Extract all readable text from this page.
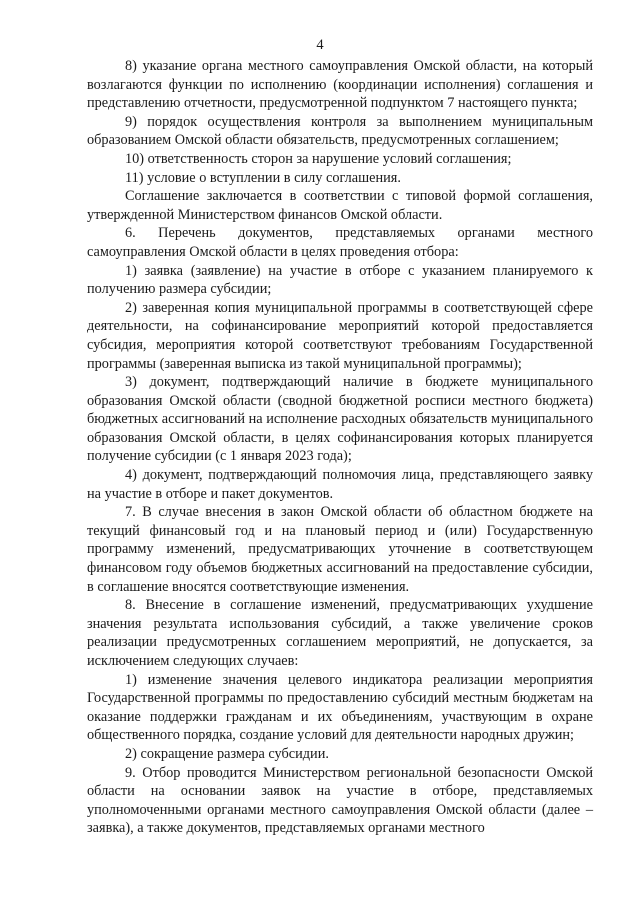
4

8) указание органа местного самоуправления Омской области, на который возлагаются функции по исполнению (координации исполнения) соглашения и представлению отчетности, предусмотренной подпунктом 7 настоящего пункта;

9) порядок осуществления контроля за выполнением муниципальным образованием Омской области обязательств, предусмотренных соглашением;

10) ответственность сторон за нарушение условий соглашения;

11) условие о вступлении в силу соглашения.

Соглашение заключается в соответствии с типовой формой соглашения, утвержденной Министерством финансов Омской области.

6. Перечень документов, представляемых органами местного самоуправления Омской области в целях проведения отбора:

1) заявка (заявление) на участие в отборе с указанием планируемого к получению размера субсидии;

2) заверенная копия муниципальной программы в соответствующей сфере деятельности, на софинансирование мероприятий которой предоставляется субсидия, мероприятия которой соответствуют требованиям Государственной программы (заверенная выписка из такой муниципальной программы);

3) документ, подтверждающий наличие в бюджете муниципального образования Омской области (сводной бюджетной росписи местного бюджета) бюджетных ассигнований на исполнение расходных обязательств муниципального образования Омской области, в целях софинансирования которых планируется получение субсидии (с 1 января 2023 года);

4) документ, подтверждающий полномочия лица, представляющего заявку на участие в отборе и пакет документов.

7. В случае внесения в закон Омской области об областном бюджете на текущий финансовый год и на плановый период и (или) Государственную программу изменений, предусматривающих уточнение в соответствующем финансовом году объемов бюджетных ассигнований на предоставление субсидии, в соглашение вносятся соответствующие изменения.

8. Внесение в соглашение изменений, предусматривающих ухудшение значения результата использования субсидий, а также увеличение сроков реализации предусмотренных соглашением мероприятий, не допускается, за исключением следующих случаев:

1) изменение значения целевого индикатора реализации мероприятия Государственной программы по предоставлению субсидий местным бюджетам на оказание поддержки гражданам и их объединениям, участвующим в охране общественного порядка, создание условий для деятельности народных дружин;

2) сокращение размера субсидии.

9. Отбор проводится Министерством региональной безопасности Омской области на основании заявок на участие в отборе, представляемых уполномоченными органами местного самоуправления Омской области (далее – заявка), а также документов, представляемых органами местного
